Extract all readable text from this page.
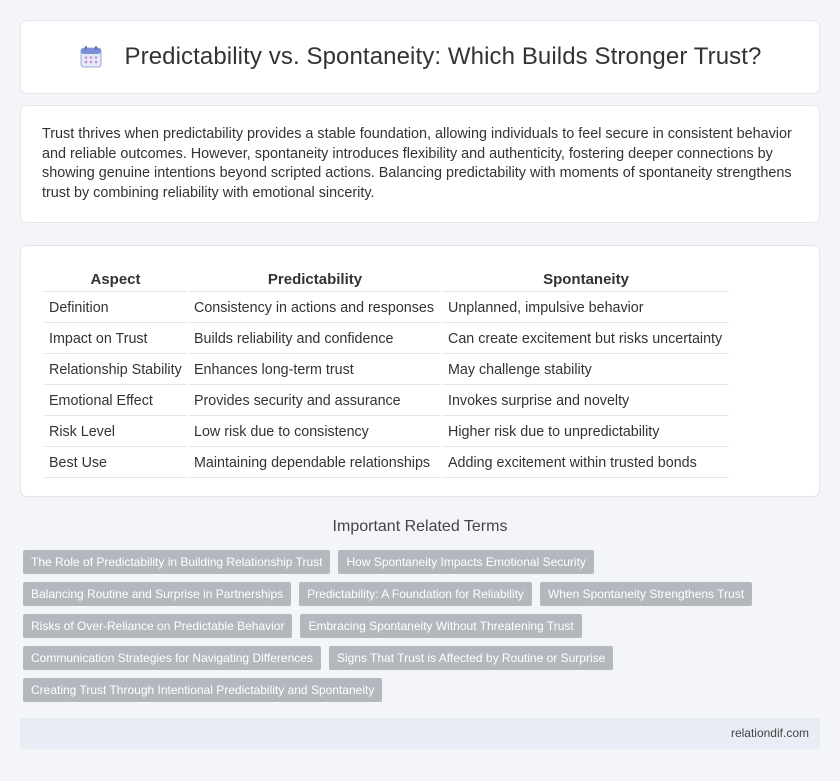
Predictability vs. Spontaneity: Which Builds Stronger Trust?

Trust thrives when predictability provides a stable foundation, allowing individuals to feel secure in consistent behavior and reliable outcomes. However, spontaneity introduces flexibility and authenticity, fostering deeper connections by showing genuine intentions beyond scripted actions. Balancing predictability with moments of spontaneity strengthens trust by combining reliability with emotional sincerity.

Aspect	Predictability	Spontaneity
Definition	Consistency in actions and responses	Unplanned, impulsive behavior
Impact on Trust	Builds reliability and confidence	Can create excitement but risks uncertainty
Relationship Stability	Enhances long-term trust	May challenge stability
Emotional Effect	Provides security and assurance	Invokes surprise and novelty
Risk Level	Low risk due to consistency	Higher risk due to unpredictability
Best Use	Maintaining dependable relationships	Adding excitement within trusted bonds
Important Related Terms
The Role of Predictability in Building Relationship Trust	How Spontaneity Impacts Emotional Security
Balancing Routine and Surprise in Partnerships	Predictability: A Foundation for Reliability	When Spontaneity Strengthens Trust
Risks of Over-Reliance on Predictable Behavior	Embracing Spontaneity Without Threatening Trust
Communication Strategies for Navigating Differences	Signs That Trust is Affected by Routine or Surprise
Creating Trust Through Intentional Predictability and Spontaneity
relationdif.com
